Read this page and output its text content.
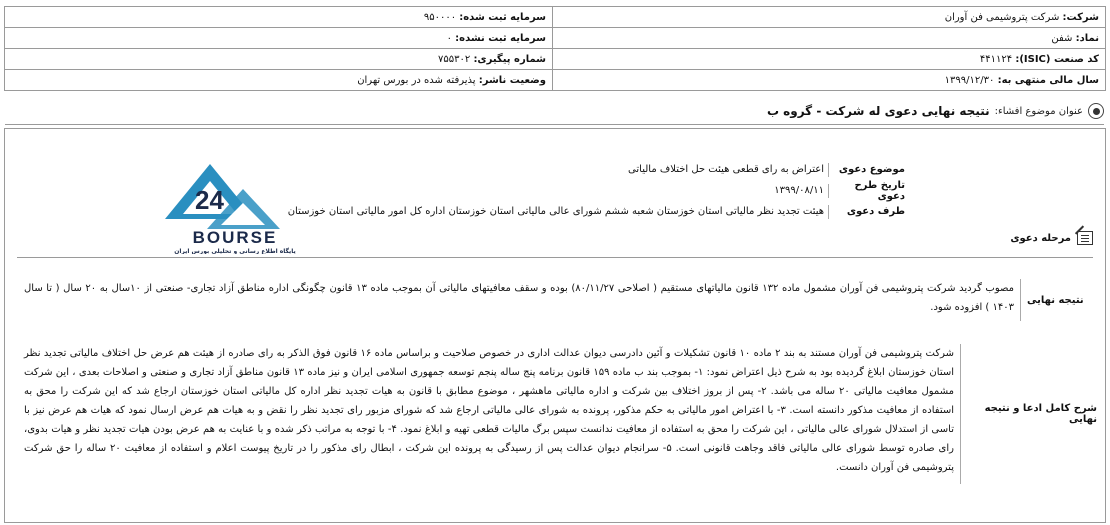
شرکت: شرکت پتروشیمی فن آوران	سرمایه ثبت شده: ۹۵۰۰۰۰
نماد: شفن	سرمایه ثبت نشده: ۰
کد صنعت (ISIC): ۴۴۱۱۲۴	شماره پیگیری: ۷۵۵۳۰۲
سال مالی منتهی به: ۱۳۹۹/۱۲/۳۰	وضعیت ناشر: پذیرفته شده در بورس تهران
عنوان موضوع افشاء:
نتیجه نهایی دعوی له شرکت - گروه ب
24
BOURSE
پایگاه اطلاع رسانی و تحلیلی بورس ایران
موضوع دعوی
اعتراض به رای قطعی هیئت حل اختلاف مالیاتی
تاریخ طرح دعوی
۱۳۹۹/۰۸/۱۱
طرف دعوی
هیئت تجدید نظر مالیاتی استان خوزستان شعبه ششم شورای عالی مالیاتی استان خوزستان اداره کل امور مالیاتی استان خوزستان
مرحله دعوی
نتیجه نهایی
مصوب گردید شرکت پتروشیمی فن آوران مشمول ماده ۱۳۲ قانون مالیاتهای مستقیم ( اصلاحی ۸۰/۱۱/۲۷) بوده و سقف معافیتهای مالیاتی آن بموجب ماده ۱۳ قانون چگونگی اداره مناطق آزاد تجاری- صنعتی از ۱۰سال به ۲۰ سال ( تا سال ۱۴۰۳ ) افزوده شود.
شرح کامل ادعا و نتیجه نهایی
شرکت پتروشیمی فن آوران مستند به بند ۲ ماده ۱۰ قانون تشکیلات و آئین دادرسی دیوان عدالت اداری در خصوص صلاحیت و براساس ماده ۱۶ قانون فوق الذکر به رای صادره از هیئت هم عرض حل اختلاف مالیاتی تجدید نظر استان خوزستان ابلاغ گردیده بود به شرح ذیل اعتراض نمود: ۱- بموجب بند ب ماده ۱۵۹ قانون برنامه پنج ساله پنجم توسعه جمهوری اسلامی ایران و نیز ماده ۱۳ قانون مناطق آزاد تجاری و صنعتی و اصلاحات بعدی ، این شرکت مشمول معافیت مالیاتی ۲۰ ساله می باشد. ۲- پس از بروز اختلاف بین شرکت و اداره مالیاتی ماهشهر ، موضوع مطابق با قانون به هیات تجدید نظر اداره کل مالیاتی استان خوزستان ارجاع شد که این شرکت را محق به استفاده از معافیت مذکور دانسته است. ۳- با اعتراض امور مالیاتی به حکم مذکور، پرونده به شورای عالی مالیاتی ارجاع شد که شورای مزبور رای تجدید نظر را نقض و به هیات هم عرض ارسال نمود که هیات هم عرض نیز با تاسی از استدلال شورای عالی مالیاتی ، این شرکت را محق به استفاده از معافیت ندانست سپس برگ مالیات قطعی تهیه و ابلاغ نمود. ۴- با توجه به مراتب ذکر شده و با عنایت به هم عرض بودن هیات تجدید نظر و هیات بدوی، رای صادره توسط شورای عالی مالیاتی فاقد وجاهت قانونی است. ۵- سرانجام دیوان عدالت پس از رسیدگی به پرونده این شرکت ، ابطال رای مذکور را در تاریخ پیوست اعلام و استفاده از معافیت ۲۰ ساله را حق شرکت پتروشیمی فن آوران دانست.
